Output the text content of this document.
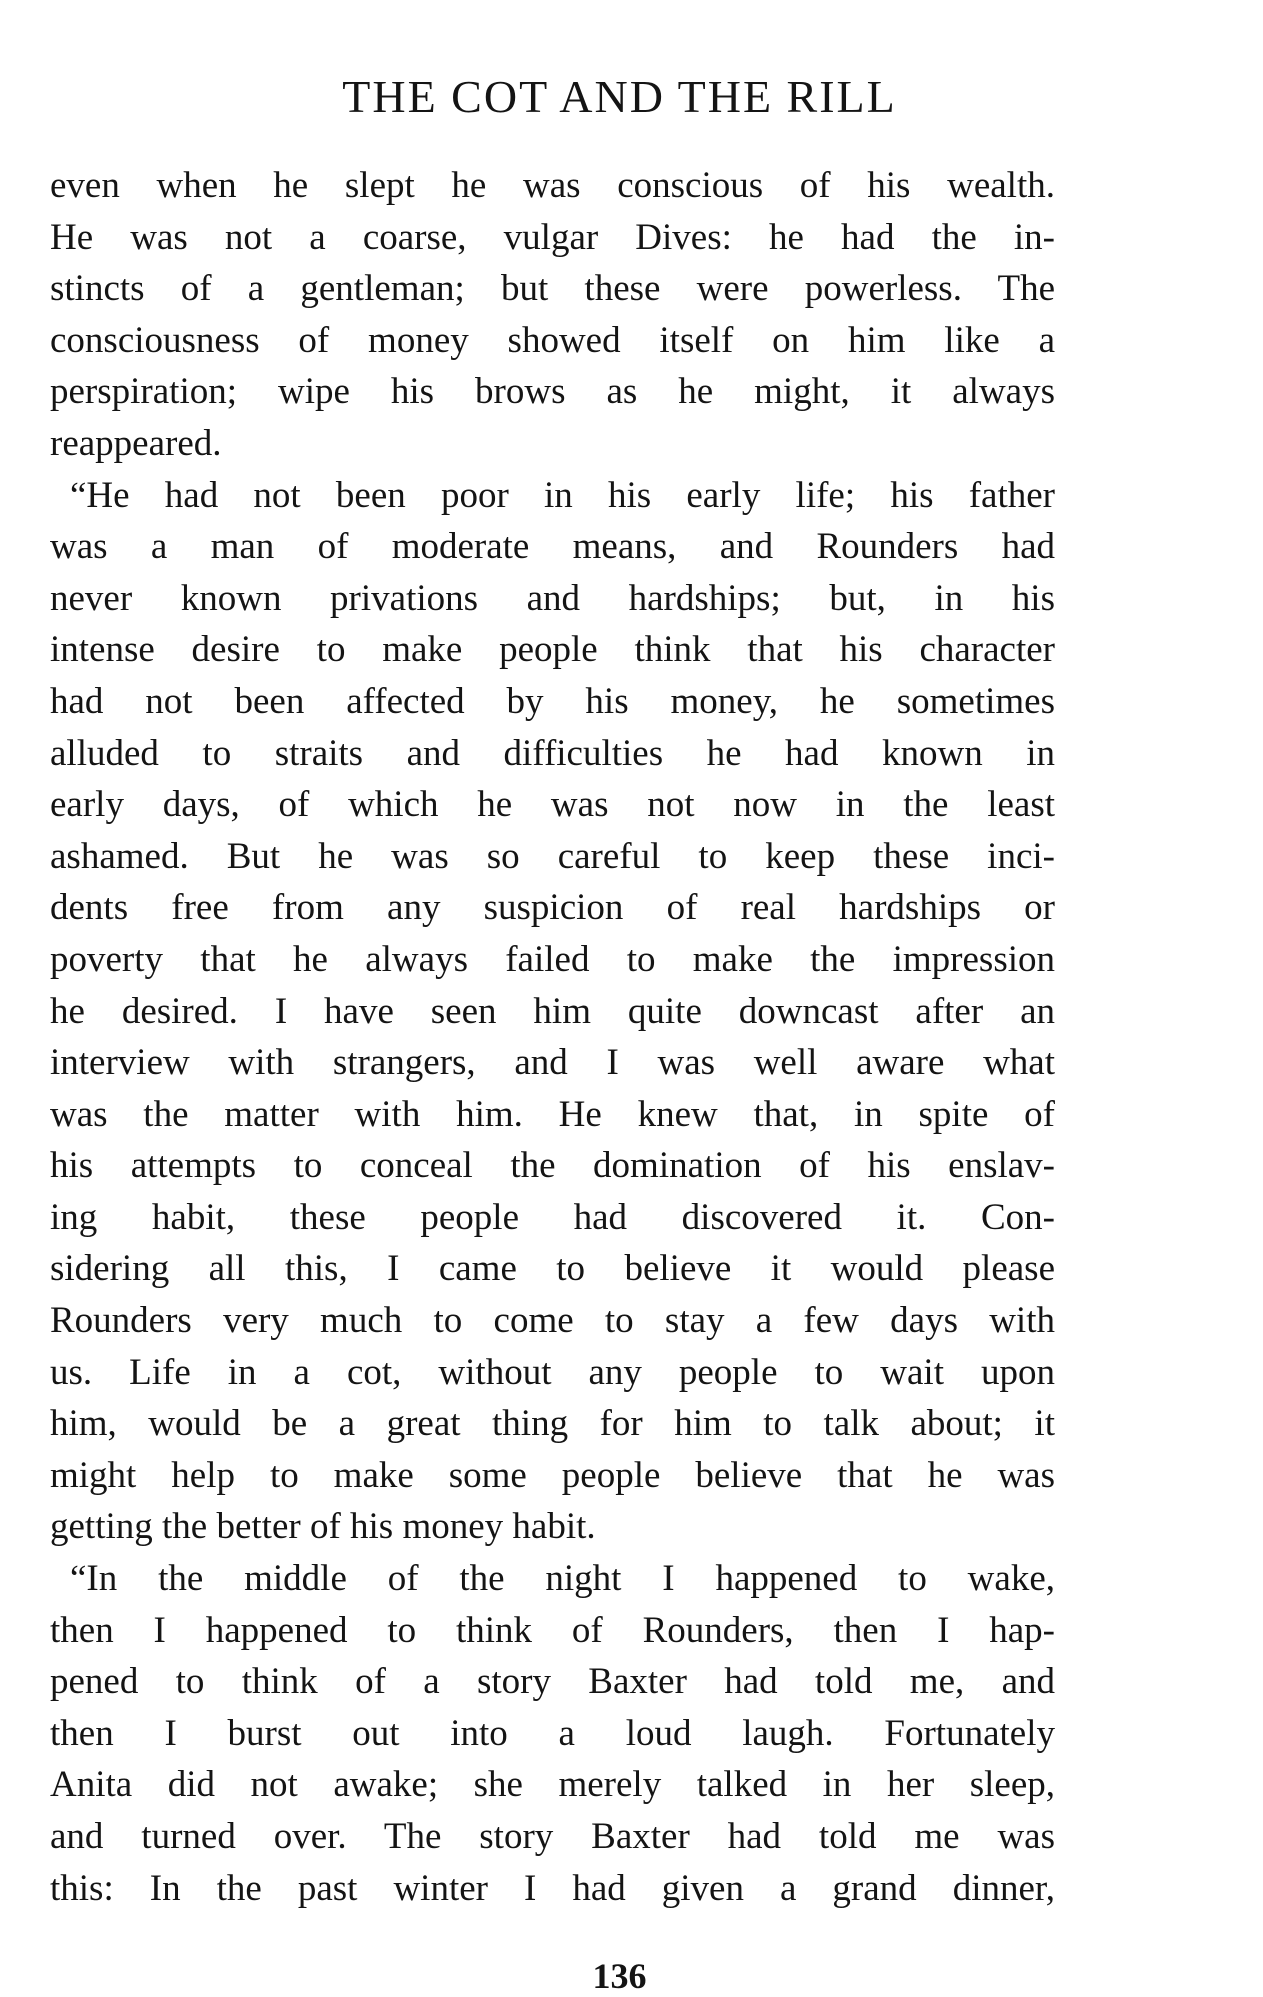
THE COT AND THE RILL
even when he slept he was conscious of his wealth.
He was not a coarse, vulgar Dives: he had the in-
stincts of a gentleman; but these were powerless. The
consciousness of money showed itself on him like a
perspiration; wipe his brows as he might, it always
reappeared.
“He had not been poor in his early life; his father
was a man of moderate means, and Rounders had
never known privations and hardships; but, in his
intense desire to make people think that his character
had not been affected by his money, he sometimes
alluded to straits and difficulties he had known in
early days, of which he was not now in the least
ashamed. But he was so careful to keep these inci-
dents free from any suspicion of real hardships or
poverty that he always failed to make the impression
he desired. I have seen him quite downcast after an
interview with strangers, and I was well aware what
was the matter with him. He knew that, in spite of
his attempts to conceal the domination of his enslav-
ing habit, these people had discovered it. Con-
sidering all this, I came to believe it would please
Rounders very much to come to stay a few days with
us. Life in a cot, without any people to wait upon
him, would be a great thing for him to talk about; it
might help to make some people believe that he was
getting the better of his money habit.
“In the middle of the night I happened to wake,
then I happened to think of Rounders, then I hap-
pened to think of a story Baxter had told me, and
then I burst out into a loud laugh. Fortunately
Anita did not awake; she merely talked in her sleep,
and turned over. The story Baxter had told me was
this: In the past winter I had given a grand dinner,
136
